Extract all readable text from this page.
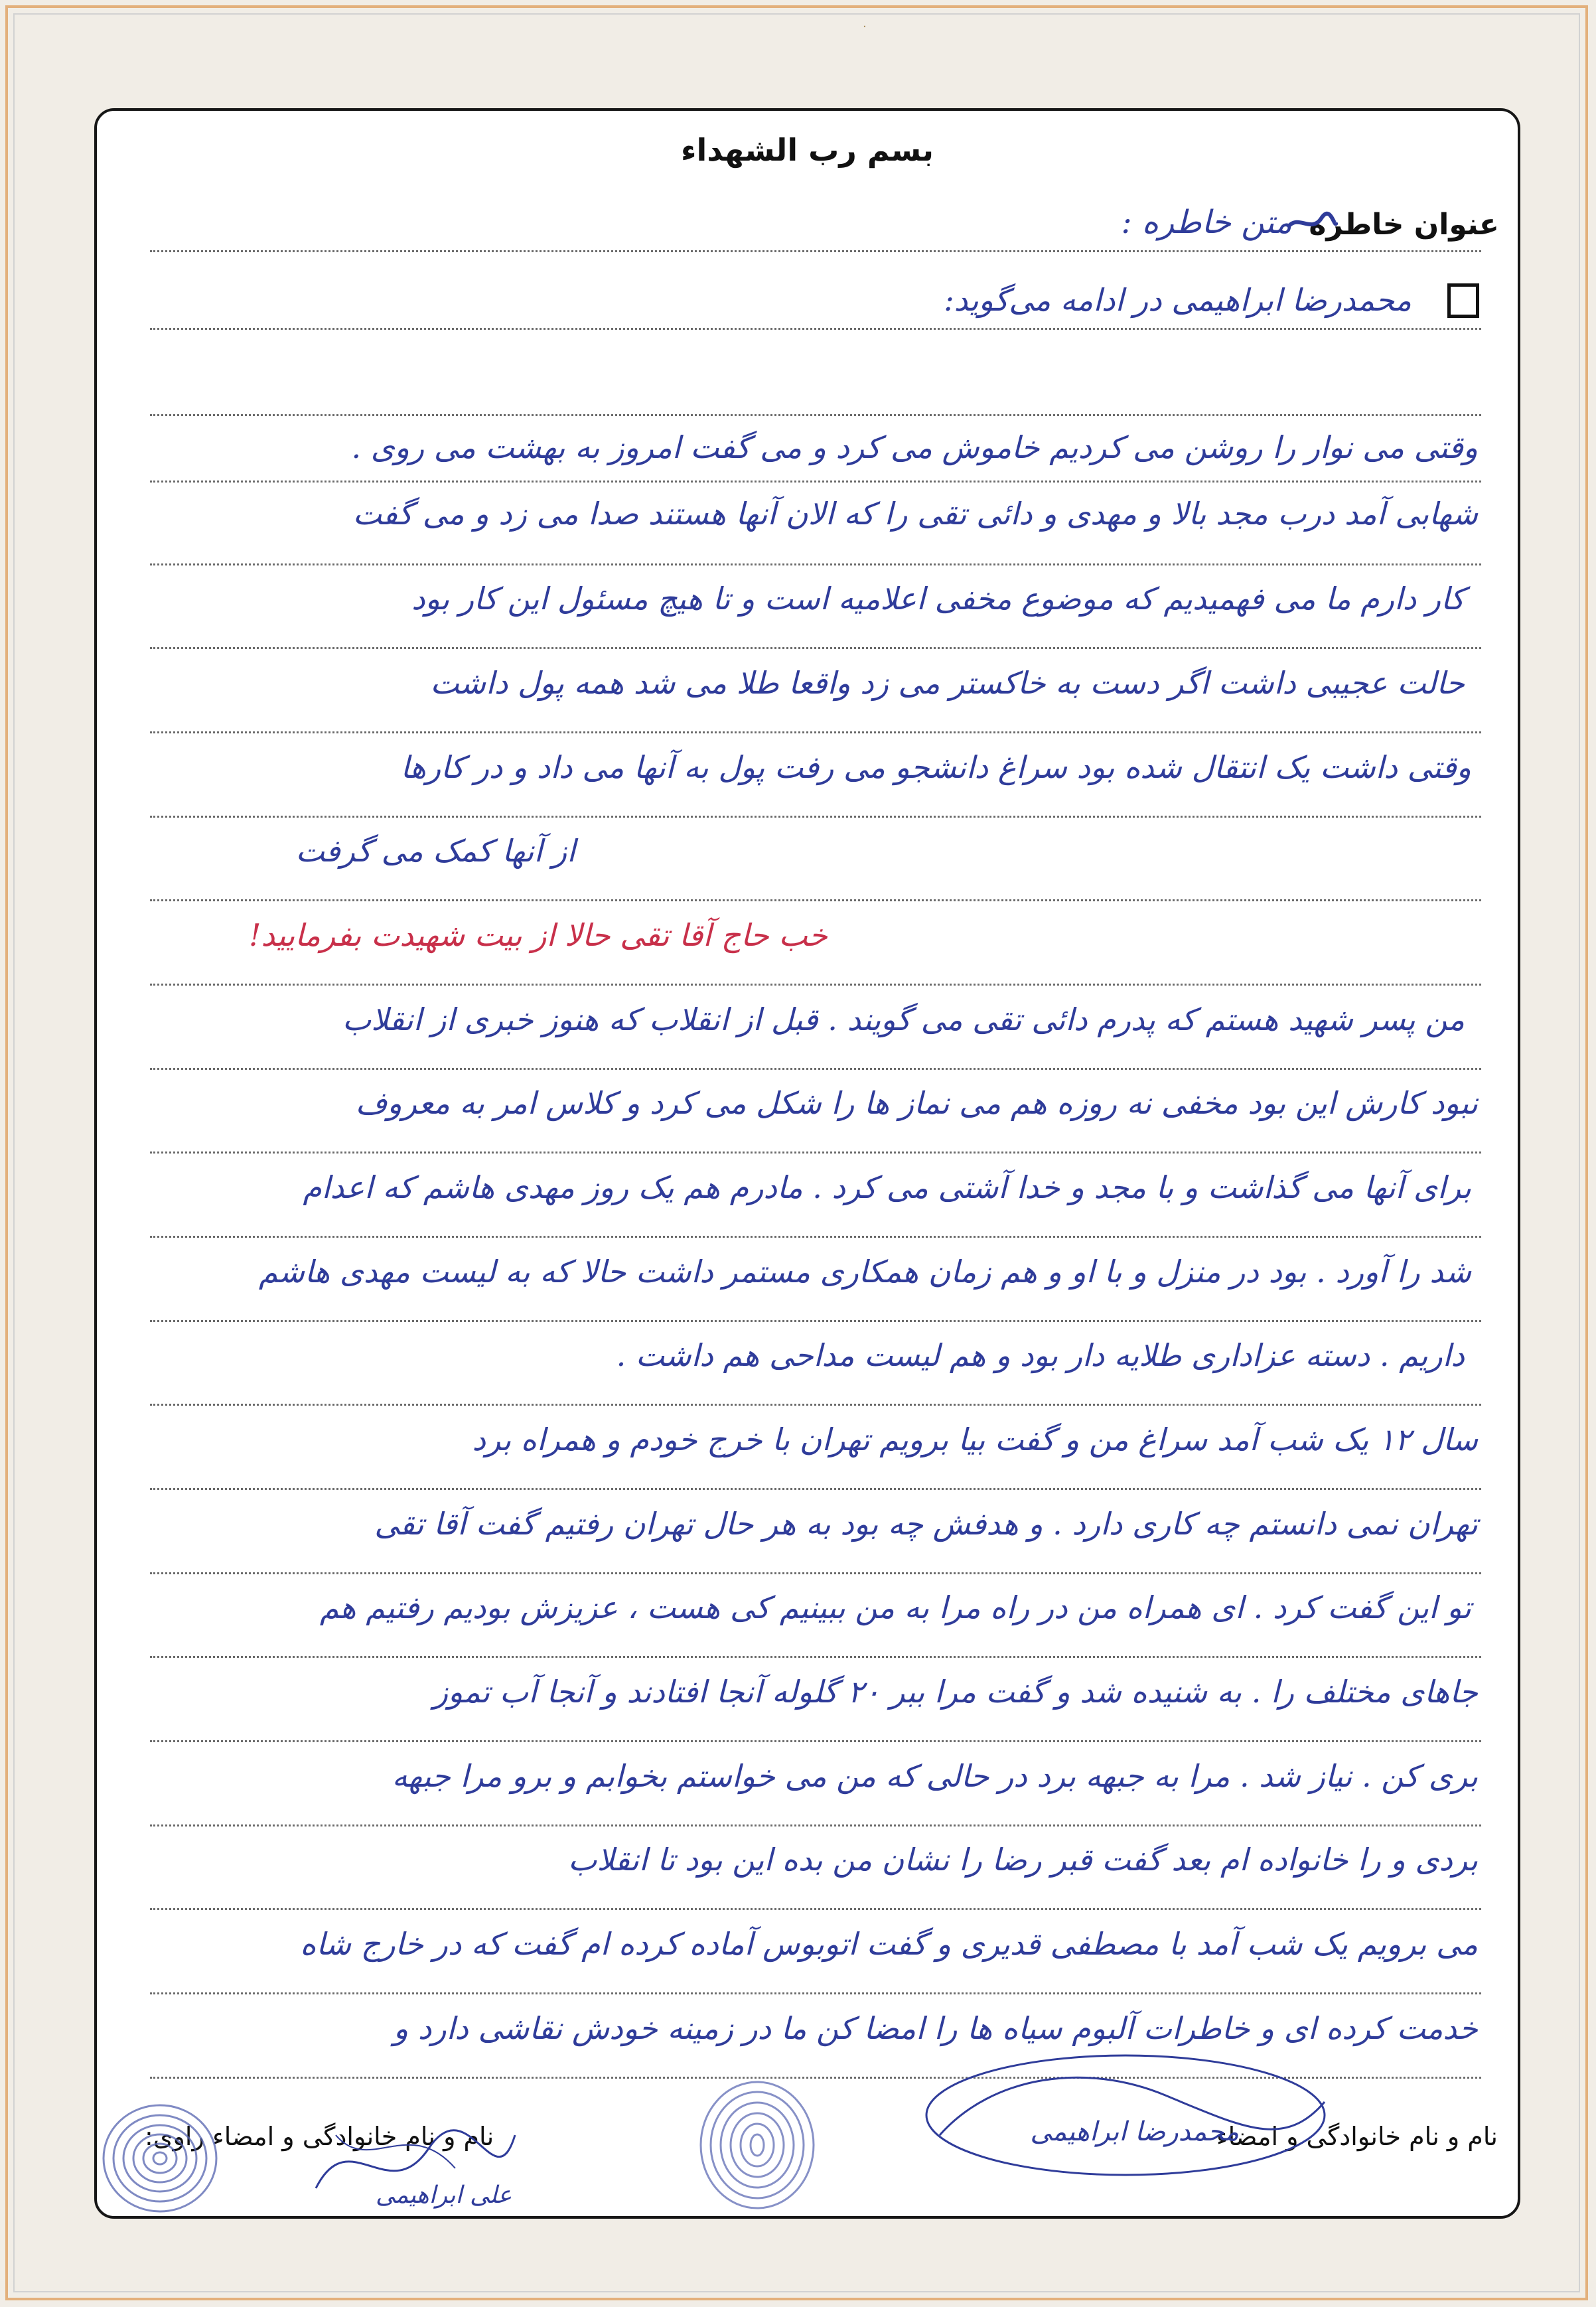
·
بسم رب الشهداء
عنوان خاطره
متن خاطره :
محمدرضا ابراهیمی در ادامه می‌گوید:
وقتی می نوار را روشن می کردیم خاموش می کرد و می گفت امروز به بهشت می روی .
شهابی آمد درب مجد بالا و مهدی و دائی تقی را که الان آنها هستند صدا می زد و می گفت
کار دارم ما می فهمیدیم که موضوع مخفی اعلامیه است و تا هیچ مسئول این کار بود
حالت عجیبی داشت اگر دست به خاکستر می زد واقعا طلا می شد همه پول داشت
وقتی داشت یک انتقال شده بود سراغ دانشجو می رفت پول به آنها می داد و در کارها
از آنها کمک می گرفت
خب حاج آقا تقی حالا از بیت شهیدت بفرمایید!
من پسر شهید هستم که پدرم دائی تقی می گویند . قبل از انقلاب که هنوز خبری از انقلاب
نبود کارش این بود مخفی نه روزه هم می نماز ها را شکل می کرد و کلاس امر به معروف
برای آنها می گذاشت و با مجد و خدا آشتی می کرد . مادرم هم یک روز مهدی هاشم که اعدام
شد را آورد . بود در منزل و با او و هم زمان همکاری مستمر داشت حالا که به لیست مهدی هاشم
داریم . دسته عزاداری طلایه دار بود و هم لیست مداحی هم داشت .
سال ۱۲ یک شب آمد سراغ من و گفت بیا برویم تهران با خرج خودم و همراه برد
تهران نمی دانستم چه کاری دارد . و هدفش چه بود به هر حال تهران رفتیم گفت آقا تقی
تو این گفت کرد . ای همراه من در راه مرا به من ببینیم کی هست ، عزیزش بودیم رفتیم هم
جاهای مختلف را . به شنیده شد و گفت مرا ببر ۲۰ گلوله آنجا افتادند و آنجا آب تموز
بری کن . نیاز شد . مرا به جبهه برد در حالی که من می خواستم بخوابم و برو مرا جبهه
بردی و را خانواده ام بعد گفت قبر رضا را نشان من بده این بود تا انقلاب
می برویم یک شب آمد با مصطفی قدیری و گفت اتوبوس آماده کرده ام گفت که در خارج شاه
خدمت کرده ای و خاطرات آلبوم سیاه ها را امضا کن ما در زمینه خودش نقاشی دارد و
نام و نام خانوادگی و امضاء
محمدرضا ابراهیمی
نام و نام خانوادگی و امضاء راوی:
علی ابراهیمی
